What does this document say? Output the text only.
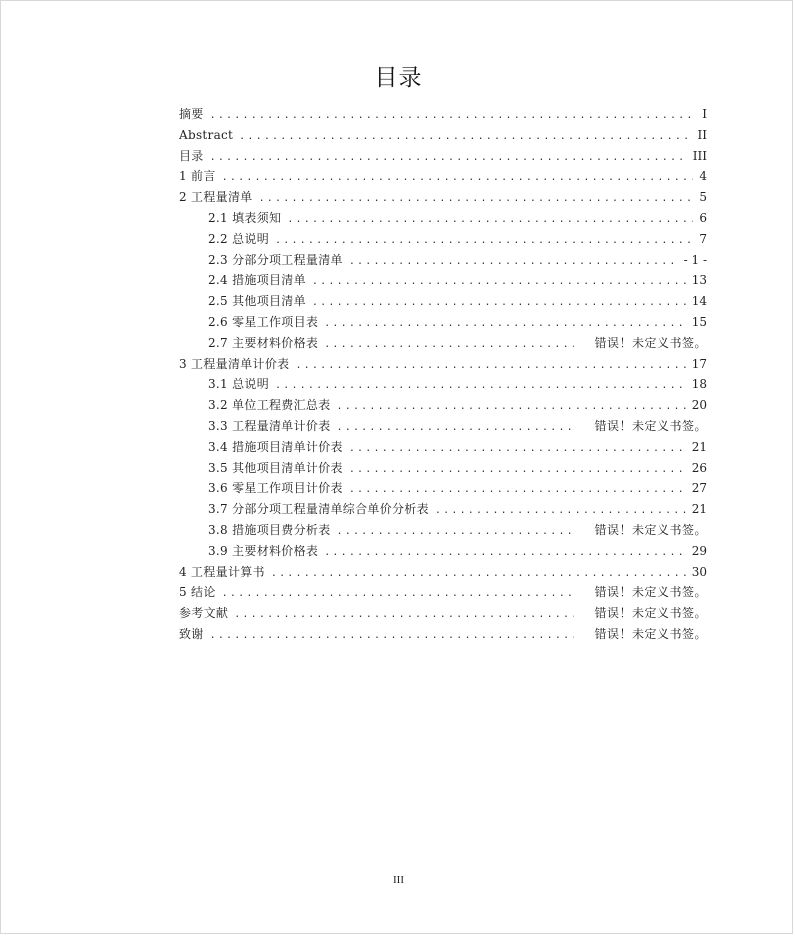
目录
摘要 .....	I
Abstract .....	II
目录 .....	III
1 前言 .....	4
2 工程量清单 .....	5
2.1 填表须知 .....	6
2.2 总说明 .....	7
2.3 分部分项工程量清单 .....	- 1 -
2.4 措施项目清单 .....	13
2.5 其他项目清单 .....	14
2.6 零星工作项目表 .....	15
2.7 主要材料价格表 .....	错误！未定义书签。
3 工程量清单计价表 .....	17
3.1 总说明 .....	18
3.2 单位工程费汇总表 .....	20
3.3 工程量清单计价表 .....	错误！未定义书签。
3.4 措施项目清单计价表 .....	21
3.5 其他项目清单计价表 .....	26
3.6 零星工作项目计价表 .....	27
3.7 分部分项工程量清单综合单价分析表 .....	21
3.8 措施项目费分析表 .....	错误！未定义书签。
3.9 主要材料价格表 .....	29
4 工程量计算书 .....	30
5 结论 .....	错误！未定义书签。
参考文献 .....	错误！未定义书签。
致谢 .....	错误！未定义书签。
III
